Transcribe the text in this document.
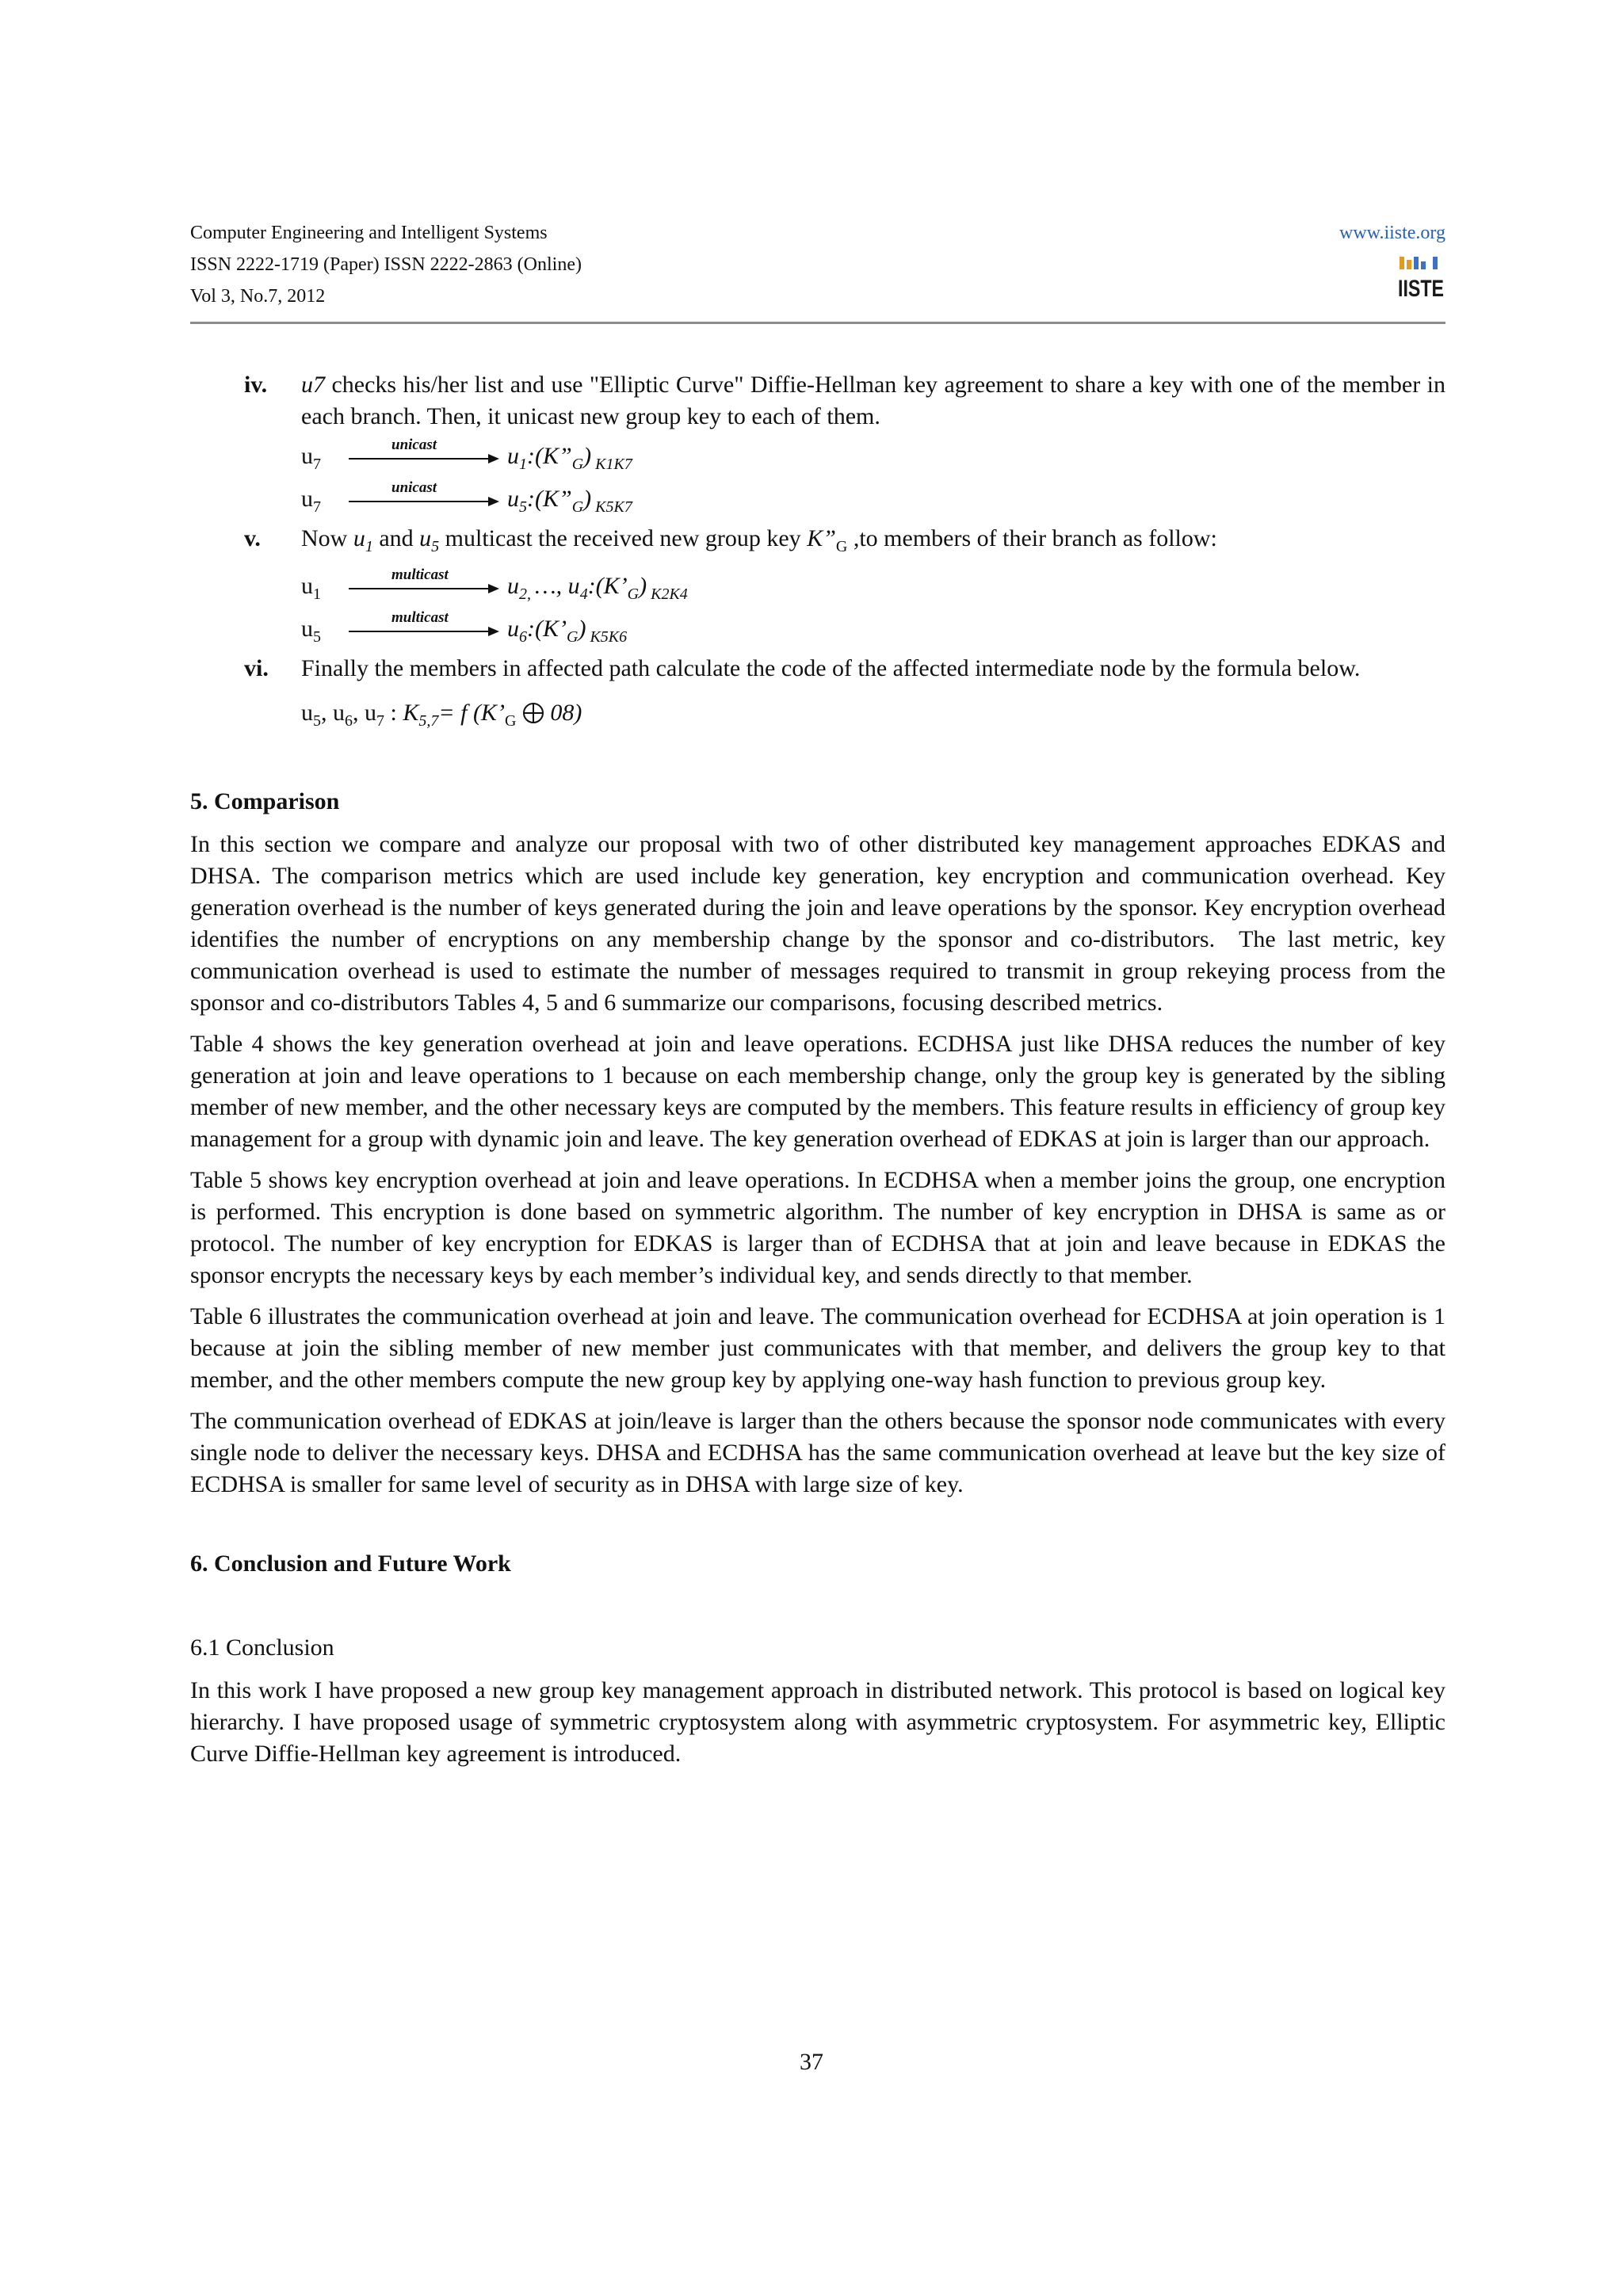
Computer Engineering and Intelligent Systems
ISSN 2222-1719 (Paper) ISSN 2222-2863 (Online)
Vol 3, No.7, 2012
www.iiste.org
IISTE
iv. u7 checks his/her list and use "Elliptic Curve" Diffie-Hellman key agreement to share a key with one of the member in each branch. Then, it unicast new group key to each of them.
$u_7$
unicast	$u_1:(K”_G)$ $_{K1K7}$
$u_7$
unicast	$u_5:(K”_G)$ $_{K5K7}$
v. Now $u_1$ and $u_5$ multicast the received new group key $K”_G$ ,to members of their branch as follow:
$u_1$
multicast $u_{2,}$ …, $u_4:(K’_G)$ $_{K2K4}$
$u_5$
multicast $u_6:(K’_G)$ $_{K5K6}$
vi. Finally the members in affected path calculate the code of the affected intermediate node by the formula below.
$u_5$, $u_6$, $u_7$ : $K_{5,7}= f$ ($K’_G$ 08)
5. Comparison

In this section we compare and analyze our proposal with two of other distributed key management approaches EDKAS and DHSA. The comparison metrics which are used include key generation, key encryption and communication overhead. Key generation overhead is the number of keys generated during the join and leave operations by the sponsor. Key encryption overhead identifies the number of encryptions on any membership change by the sponsor and co-distributors. The last metric, key communication overhead is used to estimate the number of messages required to transmit in group rekeying process from the sponsor and co-distributors Tables 4, 5 and 6 summarize our comparisons, focusing described metrics.

Table 4 shows the key generation overhead at join and leave operations. ECDHSA just like DHSA reduces the number of key generation at join and leave operations to 1 because on each membership change, only the group key is generated by the sibling member of new member, and the other necessary keys are computed by the members. This feature results in efficiency of group key management for a group with dynamic join and leave. The key generation overhead of EDKAS at join is larger than our approach.

Table 5 shows key encryption overhead at join and leave operations. In ECDHSA when a member joins the group, one encryption is performed. This encryption is done based on symmetric algorithm. The number of key encryption in DHSA is same as or protocol. The number of key encryption for EDKAS is larger than of ECDHSA that at join and leave because in EDKAS the sponsor encrypts the necessary keys by each member’s individual key, and sends directly to that member.

Table 6 illustrates the communication overhead at join and leave. The communication overhead for ECDHSA at join operation is 1 because at join the sibling member of new member just communicates with that member, and delivers the group key to that member, and the other members compute the new group key by applying one-way hash function to previous group key.

The communication overhead of EDKAS at join/leave is larger than the others because the sponsor node communicates with every single node to deliver the necessary keys. DHSA and ECDHSA has the same communication overhead at leave but the key size of ECDHSA is smaller for same level of security as in DHSA with large size of key.

6. Conclusion and Future Work
6.1 Conclusion

In this work I have proposed a new group key management approach in distributed network. This protocol is based on logical key hierarchy. I have proposed usage of symmetric cryptosystem along with asymmetric cryptosystem. For asymmetric key, Elliptic Curve Diffie-Hellman key agreement is introduced.

37
